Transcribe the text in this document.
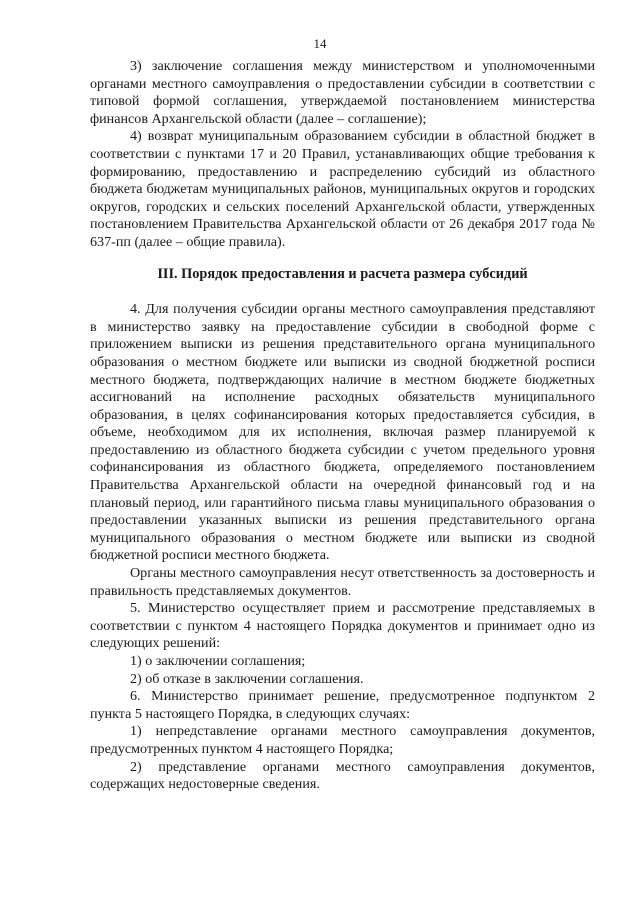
14

3) заключение соглашения между министерством и уполномоченными органами местного самоуправления о предоставлении субсидии в соответствии с типовой формой соглашения, утверждаемой постановлением министерства финансов Архангельской области (далее – соглашение);

4) возврат муниципальным образованием субсидии в областной бюджет в соответствии с пунктами 17 и 20 Правил, устанавливающих общие требования к формированию, предоставлению и распределению субсидий из областного бюджета бюджетам муниципальных районов, муниципальных округов и городских округов, городских и сельских поселений Архангельской области, утвержденных постановлением Правительства Архангельской области от 26 декабря 2017 года № 637-пп (далее – общие правила).

III. Порядок предоставления и расчета размера субсидий

4. Для получения субсидии органы местного самоуправления представляют в министерство заявку на предоставление субсидии в свободной форме с приложением выписки из решения представительного органа муниципального образования о местном бюджете или выписки из сводной бюджетной росписи местного бюджета, подтверждающих наличие в местном бюджете бюджетных ассигнований на исполнение расходных обязательств муниципального образования, в целях софинансирования которых предоставляется субсидия, в объеме, необходимом для их исполнения, включая размер планируемой к предоставлению из областного бюджета субсидии с учетом предельного уровня софинансирования из областного бюджета, определяемого постановлением Правительства Архангельской области на очередной финансовый год и на плановый период, или гарантийного письма главы муниципального образования о предоставлении указанных выписки из решения представительного органа муниципального образования о местном бюджете или выписки из сводной бюджетной росписи местного бюджета.

Органы местного самоуправления несут ответственность за достоверность и правильность представляемых документов.

5. Министерство осуществляет прием и рассмотрение представляемых в соответствии с пунктом 4 настоящего Порядка документов и принимает одно из следующих решений:

1) о заключении соглашения;

2) об отказе в заключении соглашения.

6. Министерство принимает решение, предусмотренное подпунктом 2 пункта 5 настоящего Порядка, в следующих случаях:

1) непредставление органами местного самоуправления документов, предусмотренных пунктом 4 настоящего Порядка;

2) представление органами местного самоуправления документов, содержащих недостоверные сведения.
